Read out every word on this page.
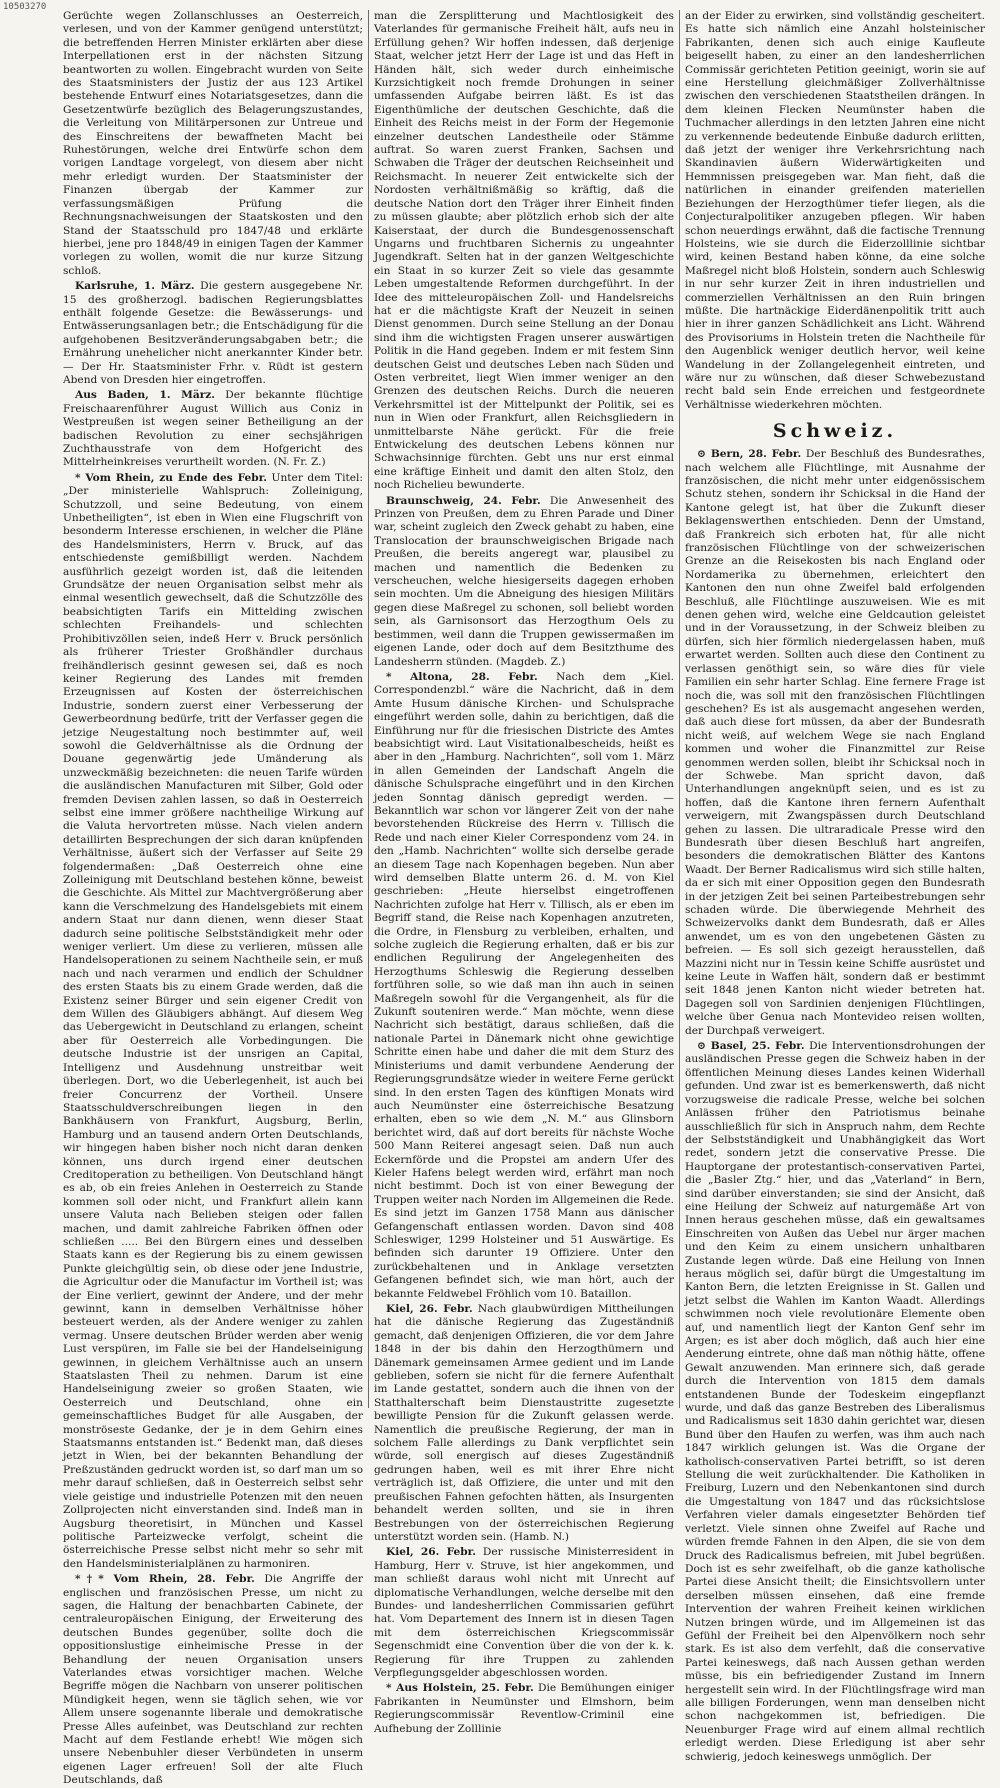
10503270

Gerüchte wegen Zollanschlusses an Oesterreich, verlesen, und von der Kammer genügend unterstützt; die betreffenden Herren Minister erklärten aber diese Interpellationen erst in der nächsten Sitzung beantworten zu wollen. Eingebracht wurden von Seite des Staatsministers der Justiz der aus 123 Artikel bestehende Entwurf eines Notariatsgesetzes, dann die Gesetzentwürfe bezüglich des Belagerungszustandes, die Verleitung von Militärpersonen zur Untreue und des Einschreitens der bewaffneten Macht bei Ruhestörungen, welche drei Entwürfe schon dem vorigen Landtage vorgelegt, von diesem aber nicht mehr erledigt wurden. Der Staatsminister der Finanzen übergab der Kammer zur verfassungsmäßigen Prüfung die Rechnungsnachweisungen der Staatskosten und den Stand der Staatsschuld pro 1847/48 und erklärte hierbei, jene pro 1848/49 in einigen Tagen der Kammer vorlegen zu wollen, womit die nur kurze Sitzung schloß.

Karlsruhe, 1. März. Die gestern ausgegebene Nr. 15 des großherzogl. badischen Regierungsblattes enthält folgende Gesetze: die Bewässerungs- und Entwässerungsanlagen betr.; die Entschädigung für die aufgehobenen Besitzveränderungsabgaben betr.; die Ernährung unehelicher nicht anerkannter Kinder betr. — Der Hr. Staatsminister Frhr. v. Rüdt ist gestern Abend von Dresden hier eingetroffen.

Aus Baden, 1. März. Der bekannte flüchtige Freischaarenführer August Willich aus Coniz in Westpreußen ist wegen seiner Betheiligung an der badischen Revolution zu einer sechsjährigen Zuchthausstrafe von dem Hofgericht des Mittelrheinkreises verurtheilt worden. (N. Fr. Z.)

* Vom Rhein, zu Ende des Febr. Unter dem Titel: „Der ministerielle Wahlspruch: Zolleinigung, Schutzzoll, und seine Bedeutung, von einem Unbetheiligten“, ist eben in Wien eine Flugschrift von besonderm Interesse erschienen, in welcher die Pläne des Handelsministers, Herrn v. Bruck, auf das entschiedenste gemißbilligt werden. Nachdem ausführlich gezeigt worden ist, daß die leitenden Grundsätze der neuen Organisation selbst mehr als einmal wesentlich gewechselt, daß die Schutzzölle des beabsichtigten Tarifs ein Mittelding zwischen schlechten Freihandels- und schlechten Prohibitivzöllen seien, indeß Herr v. Bruck persönlich als früherer Triester Großhändler durchaus freihändlerisch gesinnt gewesen sei, daß es noch keiner Regierung des Landes mit fremden Erzeugnissen auf Kosten der österreichischen Industrie, sondern zuerst einer Verbesserung der Gewerbeordnung bedürfe, tritt der Verfasser gegen die jetzige Neugestaltung noch bestimmter auf, weil sowohl die Geldverhältnisse als die Ordnung der Douane gegenwärtig jede Umänderung als unzweckmäßig bezeichneten: die neuen Tarife würden die ausländischen Manufacturen mit Silber, Gold oder fremden Devisen zahlen lassen, so daß in Oesterreich selbst eine immer größere nachtheilige Wirkung auf die Valuta hervortreten müsse. Nach vielen andern detaillirten Besprechungen der sich daran knüpfenden Verhältnisse, äußert sich der Verfasser auf Seite 29 folgendermaßen: „Daß Oesterreich ohne eine Zolleinigung mit Deutschland bestehen könne, beweist die Geschichte. Als Mittel zur Machtvergrößerung aber kann die Verschmelzung des Handelsgebiets mit einem andern Staat nur dann dienen, wenn dieser Staat dadurch seine politische Selbstständigkeit mehr oder weniger verliert. Um diese zu verlieren, müssen alle Handelsoperationen zu seinem Nachtheile sein, er muß nach und nach verarmen und endlich der Schuldner des ersten Staats bis zu einem Grade werden, daß die Existenz seiner Bürger und sein eigener Credit von dem Willen des Gläubigers abhängt. Auf diesem Weg das Uebergewicht in Deutschland zu erlangen, scheint aber für Oesterreich alle Vorbedingungen. Die deutsche Industrie ist der unsrigen an Capital, Intelligenz und Ausdehnung unstreitbar weit überlegen. Dort, wo die Ueberlegenheit, ist auch bei freier Concurrenz der Vortheil. Unsere Staatsschuldverschreibungen liegen in den Bankhäusern von Frankfurt, Augsburg, Berlin, Hamburg und an tausend andern Orten Deutschlands, wir hingegen haben bisher noch nicht daran denken können, uns durch irgend einer deutschen Creditoperation zu betheiligen. Von Deutschland hängt es ab, ob ein freies Anlehen in Oesterreich zu Stande kommen soll oder nicht, und Frankfurt allein kann unsere Valuta nach Belieben steigen oder fallen machen, und damit zahlreiche Fabriken öffnen oder schließen ..... Bei den Bürgern eines und desselben Staats kann es der Regierung bis zu einem gewissen Punkte gleichgültig sein, ob diese oder jene Industrie, die Agricultur oder die Manufactur im Vortheil ist; was der Eine verliert, gewinnt der Andere, und der mehr gewinnt, kann in demselben Verhältnisse höher besteuert werden, als der Andere weniger zu zahlen vermag. Unsere deutschen Brüder werden aber wenig Lust verspüren, im Falle sie bei der Handelseinigung gewinnen, in gleichem Verhältnisse auch an unsern Staatslasten Theil zu nehmen. Darum ist eine Handelseinigung zweier so großen Staaten, wie Oesterreich und Deutschland, ohne ein gemeinschaftliches Budget für alle Ausgaben, der monströseste Gedanke, der je in dem Gehirn eines Staatsmanns entstanden ist.“ Bedenkt man, daß dieses jetzt in Wien, bei der bekannten Behandlung der Preßzuständen gedruckt worden ist, so darf man um so mehr darauf schließen, daß in Oesterreich selbst sehr viele geistige und industrielle Potenzen mit den neuen Zollprojecten nicht einverstanden sind. Indeß man in Augsburg theoretisirt, in München und Kassel politische Parteizwecke verfolgt, scheint die österreichische Presse selbst nicht mehr so sehr mit den Handelsministerialplänen zu harmoniren.

*†* Vom Rhein, 28. Febr. Die Angriffe der englischen und französischen Presse, um nicht zu sagen, die Haltung der benachbarten Cabinete, der centraleuropäischen Einigung, der Erweiterung des deutschen Bundes gegenüber, sollte doch die oppositionslustige einheimische Presse in der Behandlung der neuen Organisation unsers Vaterlandes etwas vorsichtiger machen. Welche Begriffe mögen die Nachbarn von unserer politischen Mündigkeit hegen, wenn sie täglich sehen, wie vor Allem unsere sogenannte liberale und demokratische Presse Alles aufeinbet, was Deutschland zur rechten Macht auf dem Festlande erhebt! Wie mögen sich unsere Nebenbuhler dieser Verbündeten in unserm eigenen Lager erfreuen! Soll der alte Fluch Deutschlands, daß

man die Zersplitterung und Machtlosigkeit des Vaterlandes für germanische Freiheit hält, aufs neu in Erfüllung gehen? Wir hoffen indessen, daß derjenige Staat, welcher jetzt Herr der Lage ist und das Heft in Händen hält, sich weder durch einheimische Kurzsichtigkeit noch fremde Drohungen in seiner umfassenden Aufgabe beirren läßt. Es ist das Eigenthümliche der deutschen Geschichte, daß die Einheit des Reichs meist in der Form der Hegemonie einzelner deutschen Landestheile oder Stämme auftrat. So waren zuerst Franken, Sachsen und Schwaben die Träger der deutschen Reichseinheit und Reichsmacht. In neuerer Zeit entwickelte sich der Nordosten verhältnißmäßig so kräftig, daß die deutsche Nation dort den Träger ihrer Einheit finden zu müssen glaubte; aber plötzlich erhob sich der alte Kaiserstaat, der durch die Bundesgenossenschaft Ungarns und fruchtbaren Sichernis zu ungeahnter Jugendkraft. Selten hat in der ganzen Weltgeschichte ein Staat in so kurzer Zeit so viele das gesammte Leben umgestaltende Reformen durchgeführt. In der Idee des mitteleuropäischen Zoll- und Handelsreichs hat er die mächtigste Kraft der Neuzeit in seinen Dienst genommen. Durch seine Stellung an der Donau sind ihm die wichtigsten Fragen unserer auswärtigen Politik in die Hand gegeben. Indem er mit festem Sinn deutschen Geist und deutsches Leben nach Süden und Osten verbreitet, liegt Wien immer weniger an den Grenzen des deutschen Reichs. Durch die neueren Verkehrsmittel ist der Mittelpunkt der Politik, sei es nun in Wien oder Frankfurt, allen Reichsgliedern in unmittelbarste Nähe gerückt. Für die freie Entwickelung des deutschen Lebens können nur Schwachsinnige fürchten. Gebt uns nur erst einmal eine kräftige Einheit und damit den alten Stolz, den noch Richelieu bewunderte.

Braunschweig, 24. Febr. Die Anwesenheit des Prinzen von Preußen, dem zu Ehren Parade und Diner war, scheint zugleich den Zweck gehabt zu haben, eine Translocation der braunschweigischen Brigade nach Preußen, die bereits angeregt war, plausibel zu machen und namentlich die Bedenken zu verscheuchen, welche hiesigerseits dagegen erhoben sein mochten. Um die Abneigung des hiesigen Militärs gegen diese Maßregel zu schonen, soll beliebt worden sein, als Garnisonsort das Herzogthum Oels zu bestimmen, weil dann die Truppen gewissermaßen im eigenen Lande, oder doch auf dem Besitzthume des Landesherrn stünden. (Magdeb. Z.)

* Altona, 28. Febr. Nach dem „Kiel. Correspondenzbl.“ wäre die Nachricht, daß in dem Amte Husum dänische Kirchen- und Schulsprache eingeführt werden solle, dahin zu berichtigen, daß die Einführung nur für die friesischen Districte des Amtes beabsichtigt wird. Laut Visitationalbescheids, heißt es aber in den „Hamburg. Nachrichten“, soll vom 1. März in allen Gemeinden der Landschaft Angeln die dänische Schulsprache eingeführt und in den Kirchen jeden Sonntag dänisch gepredigt werden. — Bekanntlich war schon vor längerer Zeit von der nahe bevorstehenden Rückreise des Herrn v. Tillisch die Rede und nach einer Kieler Correspondenz vom 24. in den „Hamb. Nachrichten“ wollte sich derselbe gerade an diesem Tage nach Kopenhagen begeben. Nun aber wird demselben Blatte unterm 26. d. M. von Kiel geschrieben: „Heute hierselbst eingetroffenen Nachrichten zufolge hat Herr v. Tillisch, als er eben im Begriff stand, die Reise nach Kopenhagen anzutreten, die Ordre, in Flensburg zu verbleiben, erhalten, und solche zugleich die Regierung erhalten, daß er bis zur endlichen Regulirung der Angelegenheiten des Herzogthums Schleswig die Regierung desselben fortführen solle, so wie daß man ihn auch in seinen Maßregeln sowohl für die Vergangenheit, als für die Zukunft souteniren werde.“ Man möchte, wenn diese Nachricht sich bestätigt, daraus schließen, daß die nationale Partei in Dänemark nicht ohne gewichtige Schritte einen habe und daher die mit dem Sturz des Ministeriums und damit verbundene Aenderung der Regierungsgrundsätze wieder in weitere Ferne gerückt sind. In den ersten Tagen des künftigen Monats wird auch Neumünster eine österreichische Besatzung erhalten, eben so wie dem „N. M.“ aus Glinsborn berichtet wird, daß auf dort bereits für nächste Woche 500 Mann Reiterei angesagt seien. Daß nun auch Eckernförde und die Propstei am andern Ufer des Kieler Hafens belegt werden wird, erfährt man noch nicht bestimmt. Doch ist von einer Bewegung der Truppen weiter nach Norden im Allgemeinen die Rede. Es sind jetzt im Ganzen 1758 Mann aus dänischer Gefangenschaft entlassen worden. Davon sind 408 Schleswiger, 1299 Holsteiner und 51 Auswärtige. Es befinden sich darunter 19 Offiziere. Unter den zurückbehaltenen und in Anklage versetzten Gefangenen befindet sich, wie man hört, auch der bekannte Feldwebel Fröhlich vom 10. Bataillon.

Kiel, 26. Febr. Nach glaubwürdigen Mittheilungen hat die dänische Regierung das Zugeständniß gemacht, daß denjenigen Offizieren, die vor dem Jahre 1848 in der bis dahin den Herzogthümern und Dänemark gemeinsamen Armee gedient und im Lande geblieben, sofern sie nicht für die fernere Aufenthalt im Lande gestattet, sondern auch die ihnen von der Statthalterschaft beim Dienstaustritte zugesetzte bewilligte Pension für die Zukunft gelassen werde. Namentlich die preußische Regierung, der man in solchem Falle allerdings zu Dank verpflichtet sein würde, soll energisch auf dieses Zugeständniß gedrungen haben, weil es mit ihrer Ehre nicht verträglich ist, daß Offiziere, die unter und mit den preußischen Fahnen gefochten hätten, als Insurgenten behandelt werden sollten, und sie in ihren Bestrebungen von der österreichischen Regierung unterstützt worden sein. (Hamb. N.)

Kiel, 26. Febr. Der russische Ministerresident in Hamburg, Herr v. Struve, ist hier angekommen, und man schließt daraus wohl nicht mit Unrecht auf diplomatische Verhandlungen, welche derselbe mit den Bundes- und landesherrlichen Commissarien geführt hat. Vom Departement des Innern ist in diesen Tagen mit dem österreichischen Kriegscommissär Segenschmidt eine Convention über die von der k. k. Regierung für ihre Truppen zu zahlenden Verpflegungsgelder abgeschlossen worden.

* Aus Holstein, 25. Febr. Die Bemühungen einiger Fabrikanten in Neumünster und Elmshorn, beim Regierungscommissär Reventlow-Criminil eine Aufhebung der Zolllinie

an der Eider zu erwirken, sind vollständig gescheitert. Es hatte sich nämlich eine Anzahl holsteinischer Fabrikanten, denen sich auch einige Kaufleute beigesellt haben, zu einer an den landesherrlichen Commissär gerichteten Petition geeinigt, worin sie auf eine Herstellung gleichmäßiger Zollverhältnisse zwischen den verschiedenen Staatstheilen drängen. In dem kleinen Flecken Neumünster haben die Tuchmacher allerdings in den letzten Jahren eine nicht zu verkennende bedeutende Einbuße dadurch erlitten, daß jetzt der weniger ihre Verkehrsrichtung nach Skandinavien äußern Widerwärtigkeiten und Hemmnissen preisgegeben war. Man fieht, daß die natürlichen in einander greifenden materiellen Beziehungen der Herzogthümer tiefer liegen, als die Conjecturalpolitiker anzugeben pflegen. Wir haben schon neuerdings erwähnt, daß die factische Trennung Holsteins, wie sie durch die Eiderzolllinie sichtbar wird, keinen Bestand haben könne, da eine solche Maßregel nicht bloß Holstein, sondern auch Schleswig in nur sehr kurzer Zeit in ihren industriellen und commerziellen Verhältnissen an den Ruin bringen müßte. Die hartnäckige Eiderdänenpolitik tritt auch hier in ihrer ganzen Schädlichkeit ans Licht. Während des Provisoriums in Holstein treten die Nachtheile für den Augenblick weniger deutlich hervor, weil keine Wandelung in der Zollangelegenheit eintreten, und wäre nur zu wünschen, daß dieser Schwebezustand recht bald sein Ende erreichen und festgeordnete Verhältnisse wiederkehren möchten.

Schweiz.

⊙ Bern, 28. Febr. Der Beschluß des Bundesrathes, nach welchem alle Flüchtlinge, mit Ausnahme der französischen, die nicht mehr unter eidgenössischem Schutz stehen, sondern ihr Schicksal in die Hand der Kantone gelegt ist, hat über die Zukunft dieser Beklagenswerthen entschieden. Denn der Umstand, daß Frankreich sich erboten hat, für alle nicht französischen Flüchtlinge von der schweizerischen Grenze an die Reisekosten bis nach England oder Nordamerika zu übernehmen, erleichtert den Kantonen den nun ohne Zweifel bald erfolgenden Beschluß, alle Flüchtlinge auszuweisen. Wie es mit denen gehen wird, welche eine Geldcaution geleistet und in der Voraussetzung, in der Schweiz bleiben zu dürfen, sich hier förmlich niedergelassen haben, muß erwartet werden. Sollten auch diese den Continent zu verlassen genöthigt sein, so wäre dies für viele Familien ein sehr harter Schlag. Eine fernere Frage ist noch die, was soll mit den französischen Flüchtlingen geschehen? Es ist als ausgemacht angesehen werden, daß auch diese fort müssen, da aber der Bundesrath nicht weiß, auf welchem Wege sie nach England kommen und woher die Finanzmittel zur Reise genommen werden sollen, bleibt ihr Schicksal noch in der Schwebe. Man spricht davon, daß Unterhandlungen angeknüpft seien, und es ist zu hoffen, daß die Kantone ihren fernern Aufenthalt verweigern, mit Zwangspässen durch Deutschland gehen zu lassen. Die ultraradicale Presse wird den Bundesrath über diesen Beschluß hart angreifen, besonders die demokratischen Blätter des Kantons Waadt. Der Berner Radicalismus wird sich stille halten, da er sich mit einer Opposition gegen den Bundesrath in der jetzigen Zeit bei seinen Parteibestrebungen sehr schaden würde. Die überwiegende Mehrheit des Schweizervolks dankt dem Bundesrath, daß er Alles anwendet, um es von den ungebetenen Gästen zu befreien. — Es soll sich gezeigt herausstellen, daß Mazzini nicht nur in Tessin keine Schiffe ausrüstet und keine Leute in Waffen hält, sondern daß er bestimmt seit 1848 jenen Kanton nicht wieder betreten hat. Dagegen soll von Sardinien denjenigen Flüchtlingen, welche über Genua nach Montevideo reisen wollten, der Durchpaß verweigert.

⊙ Basel, 25. Febr. Die Interventionsdrohungen der ausländischen Presse gegen die Schweiz haben in der öffentlichen Meinung dieses Landes keinen Widerhall gefunden. Und zwar ist es bemerkenswerth, daß nicht vorzugsweise die radicale Presse, welche bei solchen Anlässen früher den Patriotismus beinahe ausschließlich für sich in Anspruch nahm, dem Rechte der Selbstständigkeit und Unabhängigkeit das Wort redet, sondern jetzt die conservative Presse. Die Hauptorgane der protestantisch-conservativen Partei, die „Basler Ztg.“ hier, und das „Vaterland“ in Bern, sind darüber einverstanden; sie sind der Ansicht, daß eine Heilung der Schweiz auf naturgemäße Art von Innen heraus geschehen müsse, daß ein gewaltsames Einschreiten von Außen das Uebel nur ärger machen und den Keim zu einem unsichern unhaltbaren Zustande legen würde. Daß eine Heilung von Innen heraus möglich sei, dafür bürgt die Umgestaltung im Kanton Bern, die letzten Ereignisse in St. Gallen und jetzt selbst die Wahlen im Kanton Waadt. Allerdings schwimmen noch viele revolutionäre Elemente oben auf, und namentlich liegt der Kanton Genf sehr im Argen; es ist aber doch möglich, daß auch hier eine Aenderung eintrete, ohne daß man nöthig hätte, offene Gewalt anzuwenden. Man erinnere sich, daß gerade durch die Intervention von 1815 dem damals entstandenen Bunde der Todeskeim eingepflanzt wurde, und daß das ganze Bestreben des Liberalismus und Radicalismus seit 1830 dahin gerichtet war, diesen Bund über den Haufen zu werfen, was ihm auch nach 1847 wirklich gelungen ist. Was die Organe der katholisch-conservativen Partei betrifft, so ist deren Stellung die weit zurückhaltender. Die Katholiken in Freiburg, Luzern und den Nebenkantonen sind durch die Umgestaltung von 1847 und das rücksichtslose Verfahren vieler damals eingesetzter Behörden tief verletzt. Viele sinnen ohne Zweifel auf Rache und würden fremde Fahnen in den Alpen, die sie von dem Druck des Radicalismus befreien, mit Jubel begrüßen. Doch ist es sehr zweifelhaft, ob die ganze katholische Partei diese Ansicht theilt; die Einsichtsvollern unter derselben müssen einsehen, daß eine fremde Intervention der wahren Freiheit keinen wirklichen Nutzen bringen würde, und im Allgemeinen ist das Gefühl der Freiheit bei den Alpenvölkern noch sehr stark. Es ist also dem verfehlt, daß die conservative Partei keineswegs, daß nach Aussen gethan werden müsse, bis ein befriedigender Zustand im Innern hergestellt sein wird. In der Flüchtlingsfrage wird man alle billigen Forderungen, wenn man denselben nicht schon nachgekommen ist, befriedigen. Die Neuenburger Frage wird auf einem allmal rechtlich erledigt werden. Diese Erledigung ist aber sehr schwierig, jedoch keineswegs unmöglich. Der
